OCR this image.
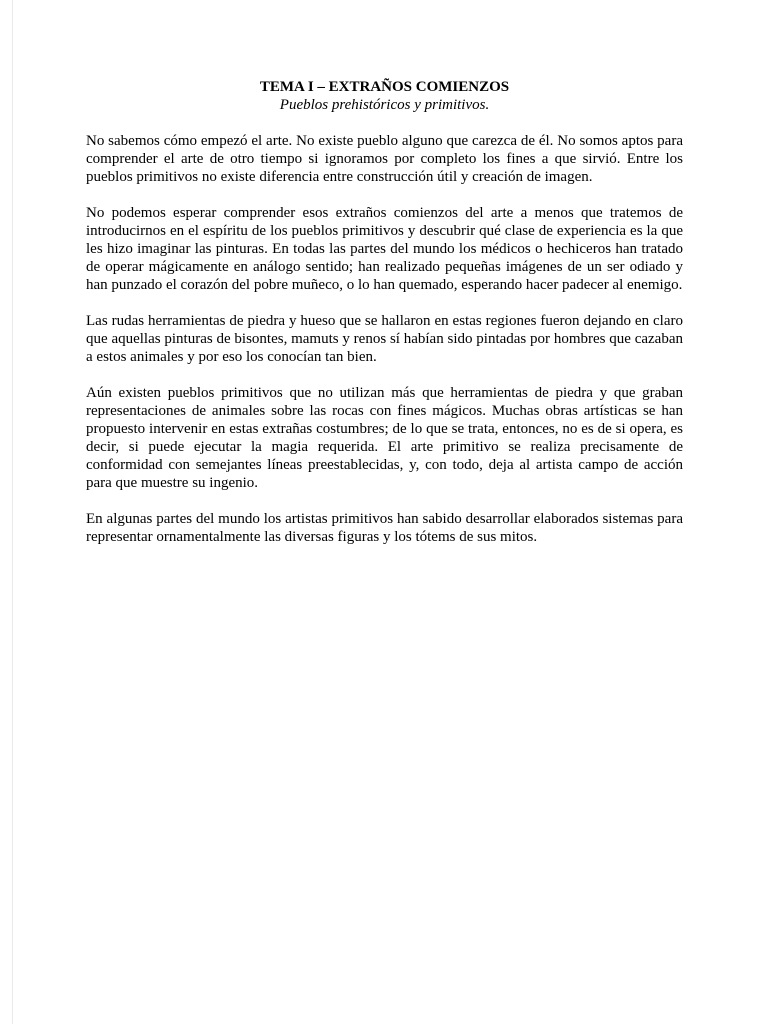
TEMA I – EXTRAÑOS COMIENZOS
Pueblos prehistóricos y primitivos.

No sabemos cómo empezó el arte. No existe pueblo alguno que carezca de él. No somos aptos para comprender el arte de otro tiempo si ignoramos por completo los fines a que sirvió. Entre los pueblos primitivos no existe diferencia entre construcción útil y creación de imagen.

No podemos esperar comprender esos extraños comienzos del arte a menos que tratemos de introducirnos en el espíritu de los pueblos primitivos y descubrir qué clase de experiencia es la que les hizo imaginar las pinturas. En todas las partes del mundo los médicos o hechiceros han tratado de operar mágicamente en análogo sentido; han realizado pequeñas imágenes de un ser odiado y han punzado el corazón del pobre muñeco, o lo han quemado, esperando hacer padecer al enemigo.

Las rudas herramientas de piedra y hueso que se hallaron en estas regiones fueron dejando en claro que aquellas pinturas de bisontes, mamuts y renos sí habían sido pintadas por hombres que cazaban a estos animales y por eso los conocían tan bien.

Aún existen pueblos primitivos que no utilizan más que herramientas de piedra y que graban representaciones de animales sobre las rocas con fines mágicos. Muchas obras artísticas se han propuesto intervenir en estas extrañas costumbres; de lo que se trata, entonces, no es de si opera, es decir, si puede ejecutar la magia requerida. El arte primitivo se realiza precisamente de conformidad con semejantes líneas preestablecidas, y, con todo, deja al artista campo de acción para que muestre su ingenio.

En algunas partes del mundo los artistas primitivos han sabido desarrollar elaborados sistemas para representar ornamentalmente las diversas figuras y los tótems de sus mitos.
